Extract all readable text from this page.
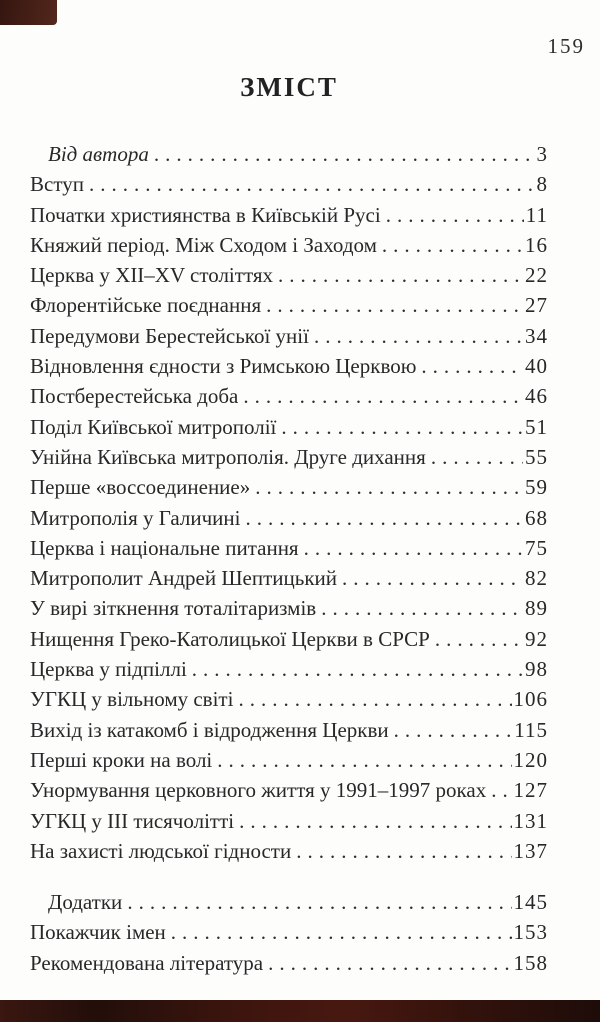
159
ЗМІСТ
Від автора .....	3
Вступ .....	8
Початки християнства в Київській Русі .....	11
Княжий період. Між Сходом і Заходом .....	16
Церква у XII–XV століттях .....	22
Флорентійське поєднання .....	27
Передумови Берестейської унії .....	34
Відновлення єдности з Римською Церквою .....	40
Постберестейська доба .....	46
Поділ Київської митрополії .....	51
Унійна Київська митрополія. Друге дихання .....	55
Перше «воссоединение» .....	59
Митрополія у Галичині .....	68
Церква і національне питання .....	75
Митрополит Андрей Шептицький .....	82
У вирі зіткнення тоталітаризмів .....	89
Нищення Греко-Католицької Церкви в СРСР .....	92
Церква у підпіллі .....	98
УГКЦ у вільному світі .....	106
Вихід із катакомб і відродження Церкви .....	115
Перші кроки на волі .....	120
Унормування церковного життя у 1991–1997 роках ..... 127
УГКЦ у III тисячолітті .....	131
На захисті людської гідности .....	137
Додатки .....	145
Покажчик імен .....	153
Рекомендована література .....	158
